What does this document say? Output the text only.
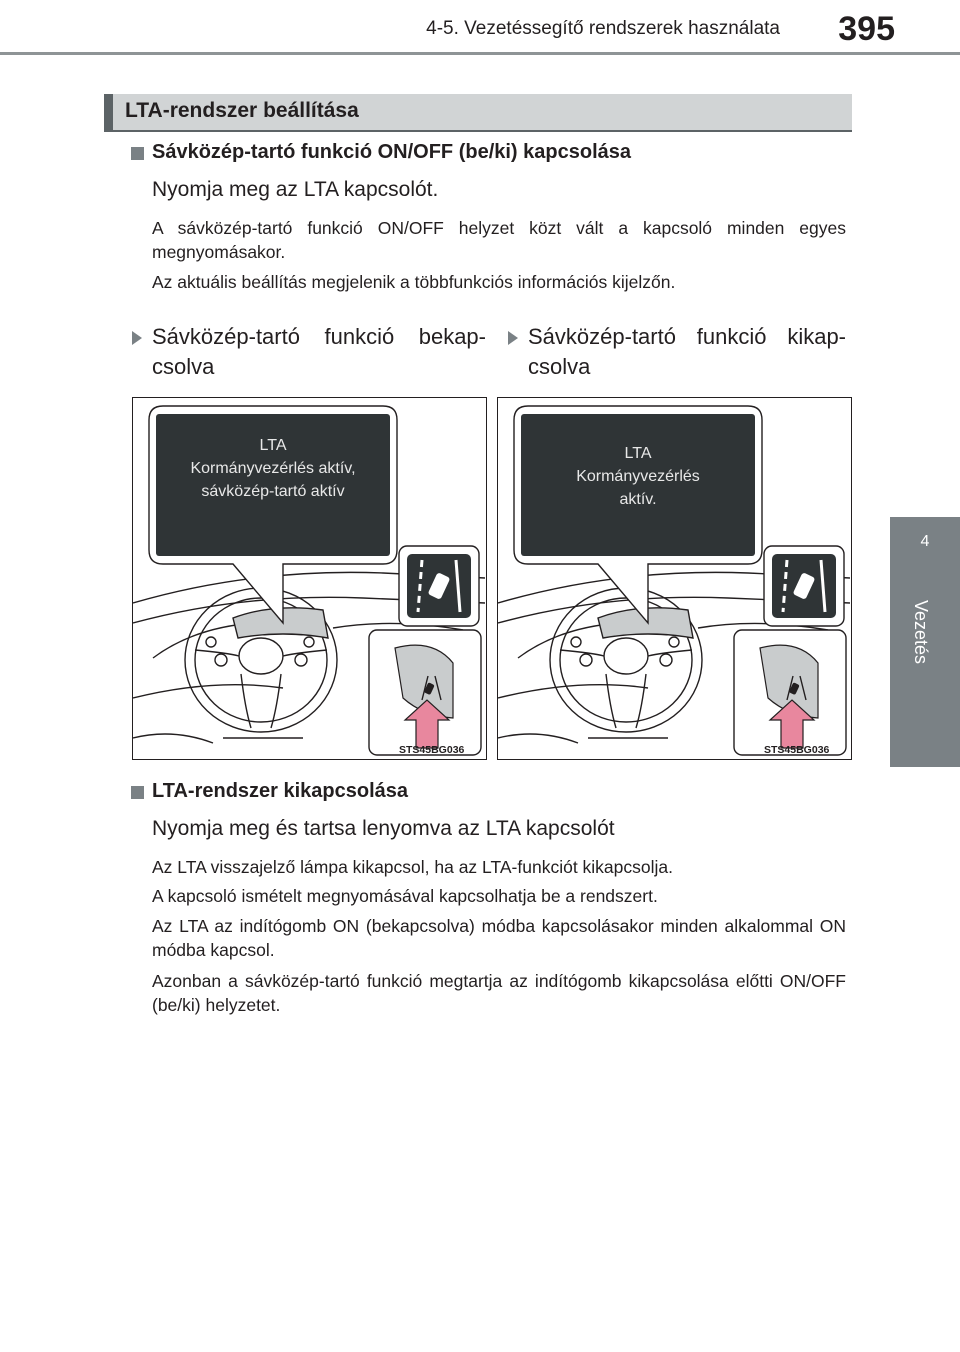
4-5. Vezetéssegítő rendszerek használata	395
4
Vezetés
LTA-rendszer beállítása
Sávközép-tartó funkció ON/OFF (be/ki) kapcsolása
Nyomja meg az LTA kapcsolót.
A sávközép-tartó funkció ON/OFF helyzet közt vált a kapcsoló minden egyes megnyomásakor.
Az aktuális beállítás megjelenik a többfunkciós információs kijelzőn.
Sávközép-tartó funkció bekap-
csolva
Sávközép-tartó funkció kikap-
csolva
LTA
Kormányvezérlés aktív,
sávközép-tartó aktív
STS45BG036
LTA
Kormányvezérlés
aktív.
STS45BG036
LTA-rendszer kikapcsolása
Nyomja meg és tartsa lenyomva az LTA kapcsolót
Az LTA visszajelző lámpa kikapcsol, ha az LTA-funkciót kikapcsolja.
A kapcsoló ismételt megnyomásával kapcsolhatja be a rendszert.
Az LTA az indítógomb ON (bekapcsolva) módba kapcsolásakor minden alkalommal ON módba kapcsol.
Azonban a sávközép-tartó funkció megtartja az indítógomb kikapcsolása előtti ON/OFF (be/ki) helyzetet.
